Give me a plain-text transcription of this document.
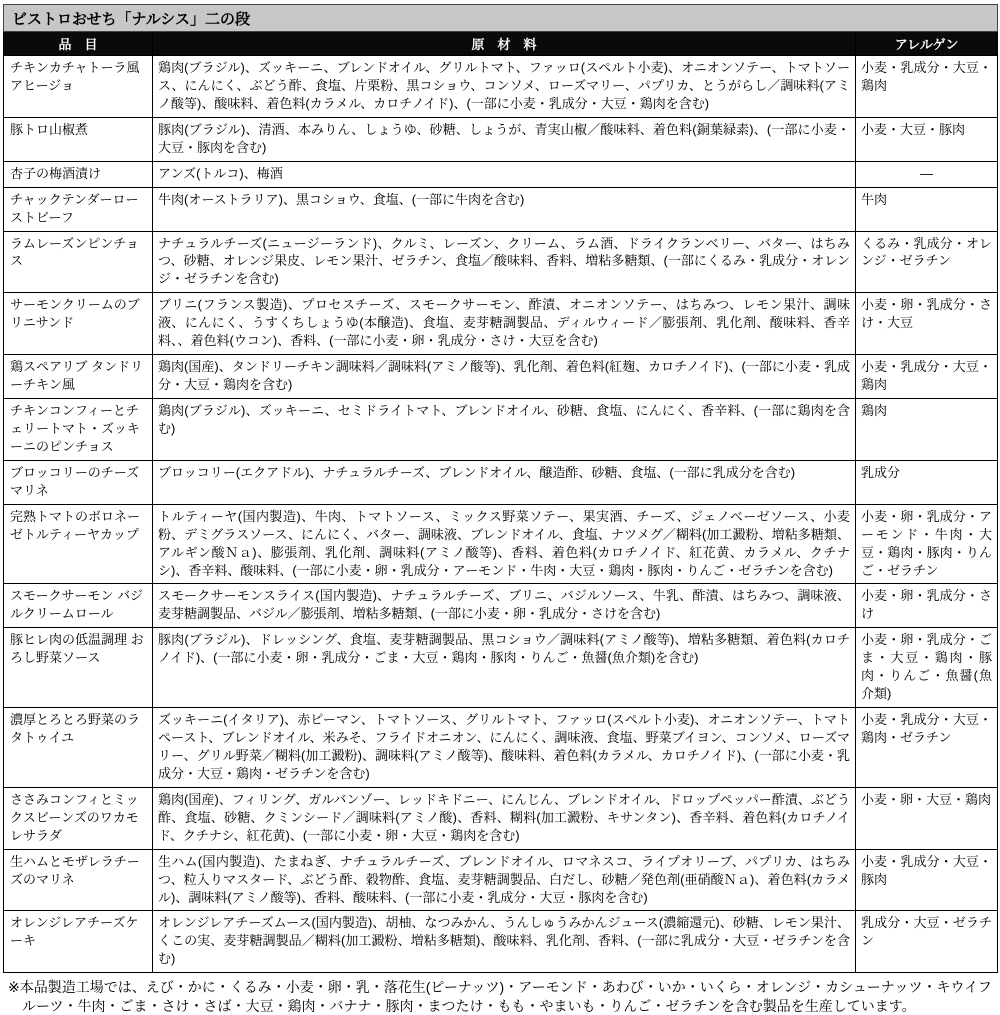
ビストロおせち「ナルシス」二の段		
品　目	原　材　料	アレルゲン
チキンカチャトーラ風アヒージョ	鶏肉(ブラジル)、ズッキーニ、ブレンドオイル、グリルトマト、ファッロ(スペルト小麦)、オニオンソテー、トマトソース、にんにく、ぶどう酢、食塩、片栗粉、黒コショウ、コンソメ、ローズマリー、パプリカ、とうがらし／調味料(アミノ酸等)、酸味料、着色料(カラメル、カロチノイド)、(一部に小麦・乳成分・大豆・鶏肉を含む)	小麦・乳成分・大豆・鶏肉
豚トロ山椒煮	豚肉(ブラジル)、清酒、本みりん、しょうゆ、砂糖、しょうが、青実山椒／酸味料、着色料(銅葉緑素)、(一部に小麦・大豆・豚肉を含む)	小麦・大豆・豚肉
杏子の梅酒漬け	アンズ(トルコ)、梅酒	―
チャックテンダーローストビーフ	牛肉(オーストラリア)、黒コショウ、食塩、(一部に牛肉を含む)	牛肉
ラムレーズンピンチョス	ナチュラルチーズ(ニュージーランド)、クルミ、レーズン、クリーム、ラム酒、ドライクランベリー、バター、はちみつ、砂糖、オレンジ果皮、レモン果汁、ゼラチン、食塩／酸味料、香料、増粘多糖類、(一部にくるみ・乳成分・オレンジ・ゼラチンを含む)	くるみ・乳成分・オレンジ・ゼラチン
サーモンクリームのブリニサンド	ブリニ(フランス製造)、プロセスチーズ、スモークサーモン、酢漬、オニオンソテー、はちみつ、レモン果汁、調味液、にんにく、うすくちしょうゆ(本醸造)、食塩、麦芽糖調製品、ディルウィード／膨張剤、乳化剤、酸味料、香辛料、、着色料(ウコン)、香料、(一部に小麦・卵・乳成分・さけ・大豆を含む)	小麦・卵・乳成分・さけ・大豆
鶏スペアリブ タンドリーチキン風	鶏肉(国産)、タンドリーチキン調味料／調味料(アミノ酸等)、乳化剤、着色料(紅麹、カロチノイド)、(一部に小麦・乳成分・大豆・鶏肉を含む)	小麦・乳成分・大豆・鶏肉
チキンコンフィーとチェリートマト・ズッキーニのピンチョス	鶏肉(ブラジル)、ズッキーニ、セミドライトマト、ブレンドオイル、砂糖、食塩、にんにく、香辛料、(一部に鶏肉を含む)	鶏肉
ブロッコリーのチーズマリネ	ブロッコリー(エクアドル)、ナチュラルチーズ、ブレンドオイル、醸造酢、砂糖、食塩、(一部に乳成分を含む)	乳成分
完熟トマトのボロネーゼトルティーヤカップ	トルティーヤ(国内製造)、牛肉、トマトソース、ミックス野菜ソテー、果実酒、チーズ、ジェノベーゼソース、小麦粉、デミグラスソース、にんにく、バター、調味液、ブレンドオイル、食塩、ナツメグ／糊料(加工澱粉、増粘多糖類、アルギン酸Ｎａ)、膨張剤、乳化剤、調味料(アミノ酸等)、香料、着色料(カロチノイド、紅花黄、カラメル、クチナシ)、香辛料、酸味料、(一部に小麦・卵・乳成分・アーモンド・牛肉・大豆・鶏肉・豚肉・りんご・ゼラチンを含む)	小麦・卵・乳成分・アーモンド・牛肉・大豆・鶏肉・豚肉・りんご・ゼラチン
スモークサーモン バジルクリームロール	スモークサーモンスライス(国内製造)、ナチュラルチーズ、ブリニ、バジルソース、牛乳、酢漬、はちみつ、調味液、麦芽糖調製品、バジル／膨張剤、増粘多糖類、(一部に小麦・卵・乳成分・さけを含む)	小麦・卵・乳成分・さけ
豚ヒレ肉の低温調理 おろし野菜ソース	豚肉(ブラジル)、ドレッシング、食塩、麦芽糖調製品、黒コショウ／調味料(アミノ酸等)、増粘多糖類、着色料(カロチノイド)、(一部に小麦・卵・乳成分・ごま・大豆・鶏肉・豚肉・りんご・魚醤(魚介類)を含む)	小麦・卵・乳成分・ごま・大豆・鶏肉・豚肉・りんご・魚醤(魚介類)
濃厚とろとろ野菜のラタトゥイユ	ズッキーニ(イタリア)、赤ピーマン、トマトソース、グリルトマト、ファッロ(スペルト小麦)、オニオンソテー、トマトペースト、ブレンドオイル、米みそ、フライドオニオン、にんにく、調味液、食塩、野菜ブイヨン、コンソメ、ローズマリー、グリル野菜／糊料(加工澱粉)、調味料(アミノ酸等)、酸味料、着色料(カラメル、カロチノイド)、(一部に小麦・乳成分・大豆・鶏肉・ゼラチンを含む)	小麦・乳成分・大豆・鶏肉・ゼラチン
ささみコンフィとミックスビーンズのワカモレサラダ	鶏肉(国産)、フィリング、ガルバンゾー、レッドキドニー、にんじん、ブレンドオイル、ドロップペッパー酢漬、ぶどう酢、食塩、砂糖、クミンシード／調味料(アミノ酸)、香料、糊料(加工澱粉、キサンタン)、香辛料、着色料(カロチノイド、クチナシ、紅花黄)、(一部に小麦・卵・大豆・鶏肉を含む)	小麦・卵・大豆・鶏肉
生ハムとモザレラチーズのマリネ	生ハム(国内製造)、たまねぎ、ナチュラルチーズ、ブレンドオイル、ロマネスコ、ライプオリーブ、パプリカ、はちみつ、粒入りマスタード、ぶどう酢、穀物酢、食塩、麦芽糖調製品、白だし、砂糖／発色剤(亜硝酸Ｎａ)、着色料(カラメル)、調味料(アミノ酸等)、香料、酸味料、(一部に小麦・乳成分・大豆・豚肉を含む)	小麦・乳成分・大豆・豚肉
オレンジレアチーズケーキ	オレンジレアチーズムース(国内製造)、胡柚、なつみかん、うんしゅうみかんジュース(濃縮還元)、砂糖、レモン果汁、くこの実、麦芽糖調製品／糊料(加工澱粉、増粘多糖類)、酸味料、乳化剤、香料、(一部に乳成分・大豆・ゼラチンを含む)	乳成分・大豆・ゼラチン
※本品製造工場では、えび・かに・くるみ・小麦・卵・乳・落花生(ピーナッツ)・アーモンド・あわび・いか・いくら・オレンジ・カシューナッツ・キウイフルーツ・牛肉・ごま・さけ・さば・大豆・鶏肉・バナナ・豚肉・まつたけ・もも・やまいも・りんご・ゼラチンを含む製品を生産しています。
